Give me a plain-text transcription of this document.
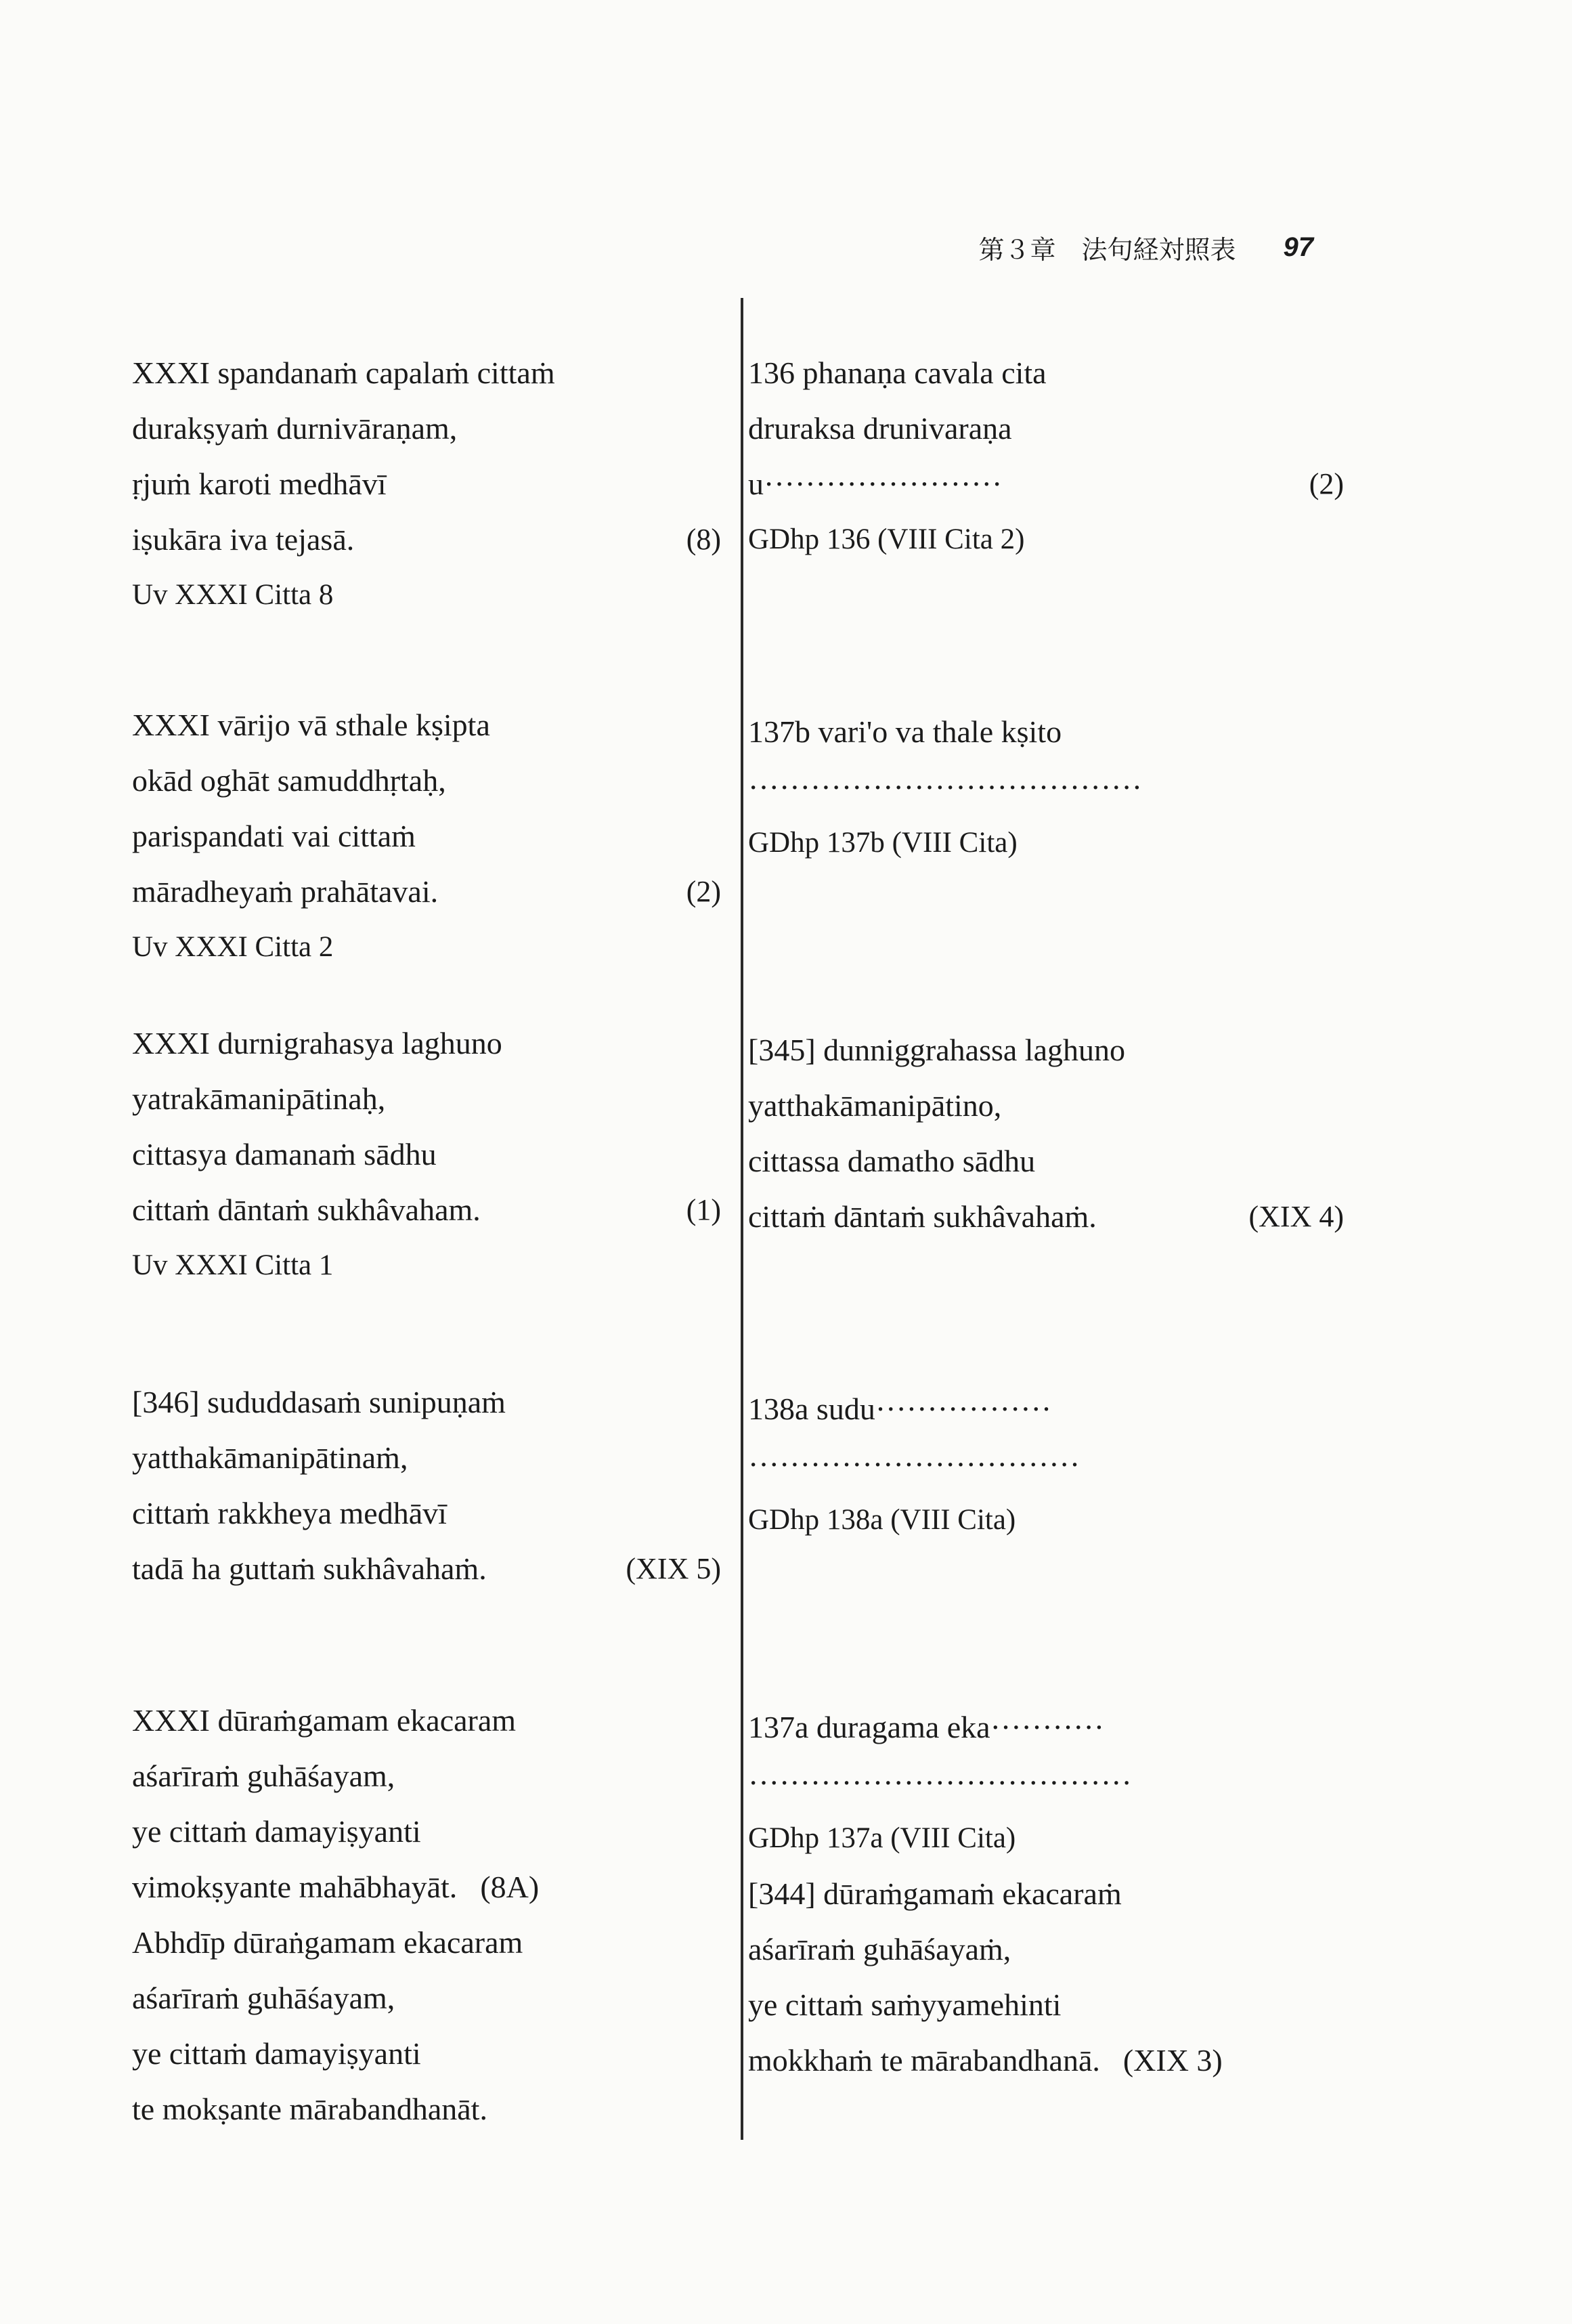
第３章　法句経対照表 97
XXXI spandanaṁ capalaṁ cittaṁ
durakṣyaṁ durnivāraṇam,
ṛjuṁ karoti medhāvī
iṣukāra iva tejasā.	(8)
Uv XXXI Citta 8
136 phanaṇa cavala cita
druraksa drunivaraṇa
u·······················	(2)
GDhp 136 (VIII Cita 2)
XXXI vārijo vā sthale kṣipta
okād oghāt samuddhṛtaḥ,
parispandati vai cittaṁ
māradheyaṁ prahātavai.	(2)
Uv XXXI Citta 2
137b vari'o va thale kṣito
······································
GDhp 137b (VIII Cita)
XXXI durnigrahasya laghuno
yatrakāmanipātinaḥ,
cittasya damanaṁ sādhu
cittaṁ dāntaṁ sukhâvaham.	(1)
Uv XXXI Citta 1
[345] dunniggrahassa laghuno
yatthakāmanipātino,
cittassa damatho sādhu
cittaṁ dāntaṁ sukhâvahaṁ.	(XIX 4)
[346] sududdasaṁ sunipuṇaṁ
yatthakāmanipātinaṁ,
cittaṁ rakkheya medhāvī
tadā ha guttaṁ sukhâvahaṁ.	(XIX 5)
138a sudu·················
································
GDhp 138a (VIII Cita)
XXXI dūraṁgamam ekacaram
aśarīraṁ guhāśayam,
ye cittaṁ damayiṣyanti
vimokṣyante mahābhayāt. (8A)
Abhdīp dūraṅgamam ekacaram
aśarīraṁ guhāśayam,
ye cittaṁ damayiṣyanti
te mokṣante mārabandhanāt.
137a duragama eka···········
·····································
GDhp 137a (VIII Cita)
[344] dūraṁgamaṁ ekacaraṁ
aśarīraṁ guhāśayaṁ,
ye cittaṁ saṁyyamehinti
mokkhaṁ te mārabandhanā. (XIX 3)
